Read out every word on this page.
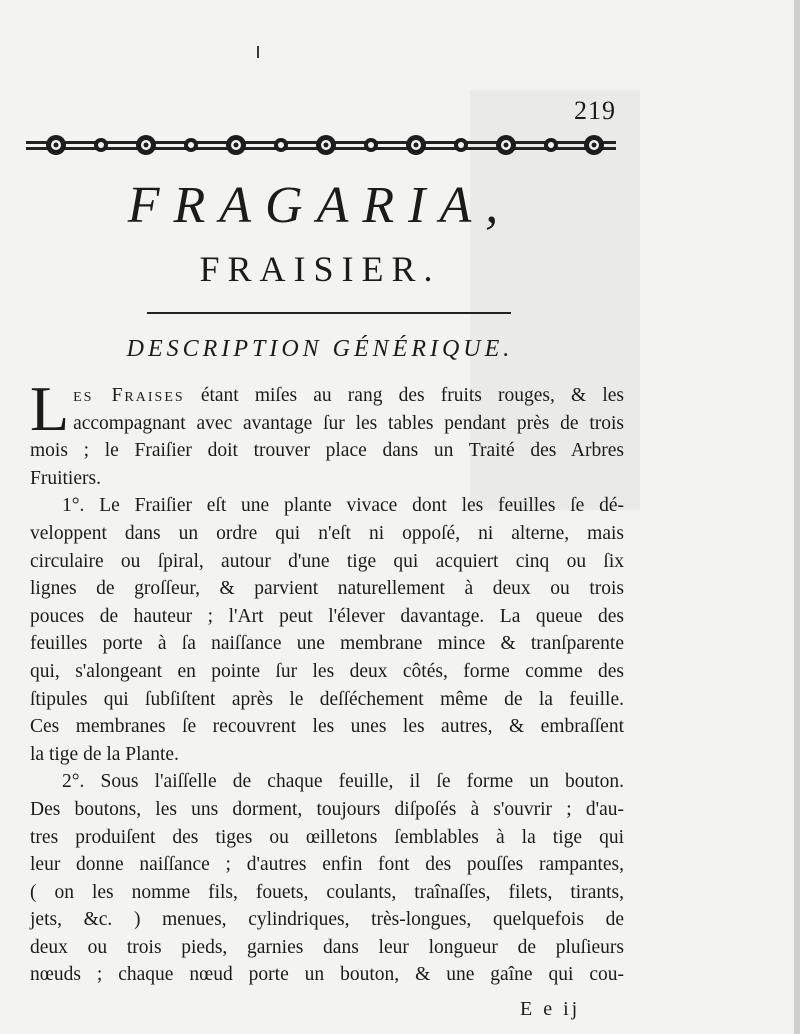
219
FRAGARIA,
FRAISIER.
DESCRIPTION GÉNÉRIQUE.
L es Fraises étant miſes au rang des fruits rouges, & les
accompagnant avec avantage ſur les tables pendant près de trois
mois ; le Fraiſier doit trouver place dans un Traité des Arbres
Fruitiers.
1°. Le Fraiſier eſt une plante vivace dont les feuilles ſe dé-
veloppent dans un ordre qui n'eſt ni oppoſé, ni alterne, mais
circulaire ou ſpiral, autour d'une tige qui acquiert cinq ou ſix
lignes de groſſeur, & parvient naturellement à deux ou trois
pouces de hauteur ; l'Art peut l'élever davantage. La queue des
feuilles porte à ſa naiſſance une membrane mince & tranſparente
qui, s'alongeant en pointe ſur les deux côtés, forme comme des
ſtipules qui ſubſiſtent après le deſſéchement même de la feuille.
Ces membranes ſe recouvrent les unes les autres, & embraſſent
la tige de la Plante.
2°. Sous l'aiſſelle de chaque feuille, il ſe forme un bouton.
Des boutons, les uns dorment, toujours diſpoſés à s'ouvrir ; d'au-
tres produiſent des tiges ou œilletons ſemblables à la tige qui
leur donne naiſſance ; d'autres enfin font des pouſſes rampantes,
( on les nomme fils, fouets, coulants, traînaſſes, filets, tirants,
jets, &c. ) menues, cylindriques, très-longues, quelquefois de
deux ou trois pieds, garnies dans leur longueur de pluſieurs
nœuds ; chaque nœud porte un bouton, & une gaîne qui cou-
E e ij
